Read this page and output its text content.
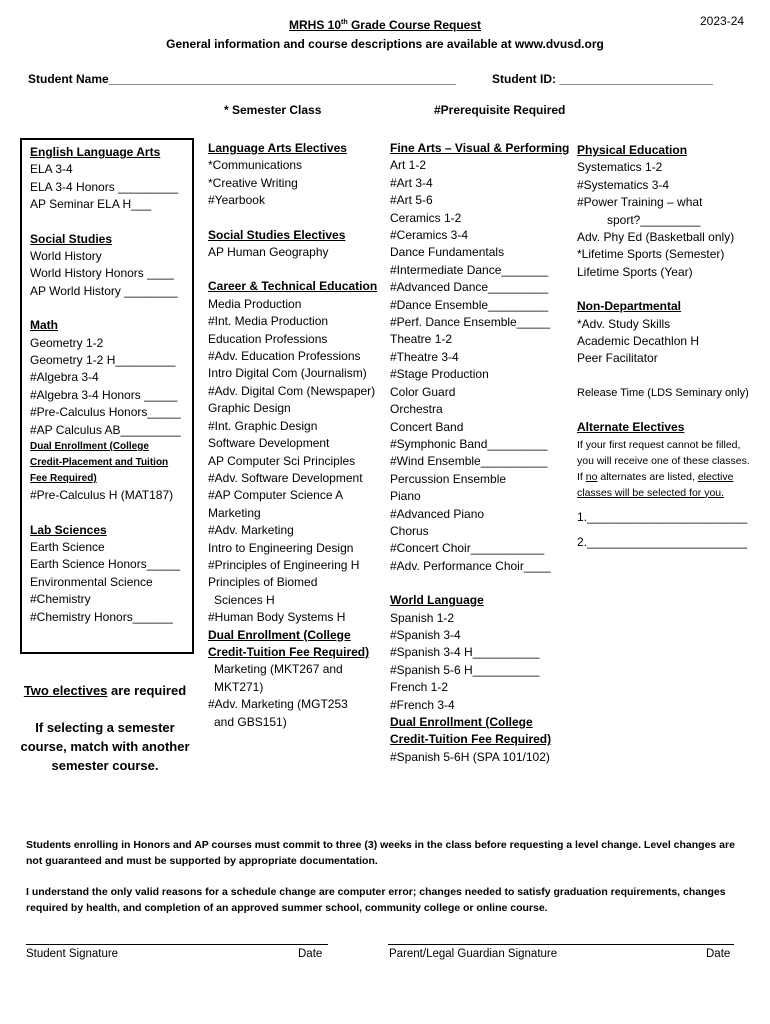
2023-24
MRHS 10th Grade Course Request
General information and course descriptions are available at www.dvusd.org
Student Name____________________________________________________	Student ID: _______________________
* Semester Class	#Prerequisite Required
English Language Arts
ELA 3-4
ELA 3-4 Honors _________
AP Seminar ELA H___
Social Studies
World History
World History Honors ____
AP World History ________
Math
Geometry 1-2
Geometry 1-2 H_________
#Algebra 3-4
#Algebra 3-4 Honors _____
#Pre-Calculus Honors_____
#AP Calculus AB_________
Dual Enrollment (College
Credit-Placement and Tuition
Fee Required)
#Pre-Calculus H (MAT187)
Lab Sciences
Earth Science
Earth Science Honors_____
Environmental Science
#Chemistry
#Chemistry Honors______
Two electives are required
If selecting a semester course, match with another semester course.
Language Arts Electives
*Communications
*Creative Writing
#Yearbook
Social Studies Electives
AP Human Geography
Career & Technical Education
Media Production
#Int. Media Production
Education Professions
#Adv. Education Professions
Intro Digital Com (Journalism)
#Adv. Digital Com (Newspaper)
Graphic Design
#Int. Graphic Design
Software Development
AP Computer Sci Principles
#Adv. Software Development
#AP Computer Science A
Marketing
#Adv. Marketing
Intro to Engineering Design
#Principles of Engineering H
Principles of Biomed
Sciences H
#Human Body Systems H
Dual Enrollment (College
Credit-Tuition Fee Required)
Marketing (MKT267 and
MKT271)
#Adv. Marketing (MGT253
and GBS151)
Fine Arts – Visual & Performing
Art 1-2
#Art 3-4
#Art 5-6
Ceramics 1-2
#Ceramics 3-4
Dance Fundamentals
#Intermediate Dance_______
#Advanced Dance_________
#Dance Ensemble_________
#Perf. Dance Ensemble_____
Theatre 1-2
#Theatre 3-4
#Stage Production
Color Guard
Orchestra
Concert Band
#Symphonic Band_________
#Wind Ensemble__________
Percussion Ensemble
Piano
#Advanced Piano
Chorus
#Concert Choir___________
#Adv. Performance Choir____
World Language
Spanish 1-2
#Spanish 3-4
#Spanish 3-4 H__________
#Spanish 5-6 H__________
French 1-2
#French 3-4
Dual Enrollment (College
Credit-Tuition Fee Required)
#Spanish 5-6H (SPA 101/102)
Physical Education
Systematics 1-2
#Systematics 3-4
#Power Training – what
sport?_________
Adv. Phy Ed (Basketball only)
*Lifetime Sports (Semester)
Lifetime Sports (Year)
Non-Departmental
*Adv. Study Skills
Academic Decathlon H
Peer Facilitator
Release Time (LDS Seminary only)
Alternate Electives
If your first request cannot be filled, you will receive one of these classes. If no alternates are listed, elective classes will be selected for you.
1.________________________
2.________________________
Students enrolling in Honors and AP courses must commit to three (3) weeks in the class before requesting a level change. Level changes are not guaranteed and must be supported by appropriate documentation.
I understand the only valid reasons for a schedule change are computer error; changes needed to satisfy graduation requirements, changes required by health, and completion of an approved summer school, community college or online course.
Student Signature	Date	Parent/Legal Guardian Signature	Date
